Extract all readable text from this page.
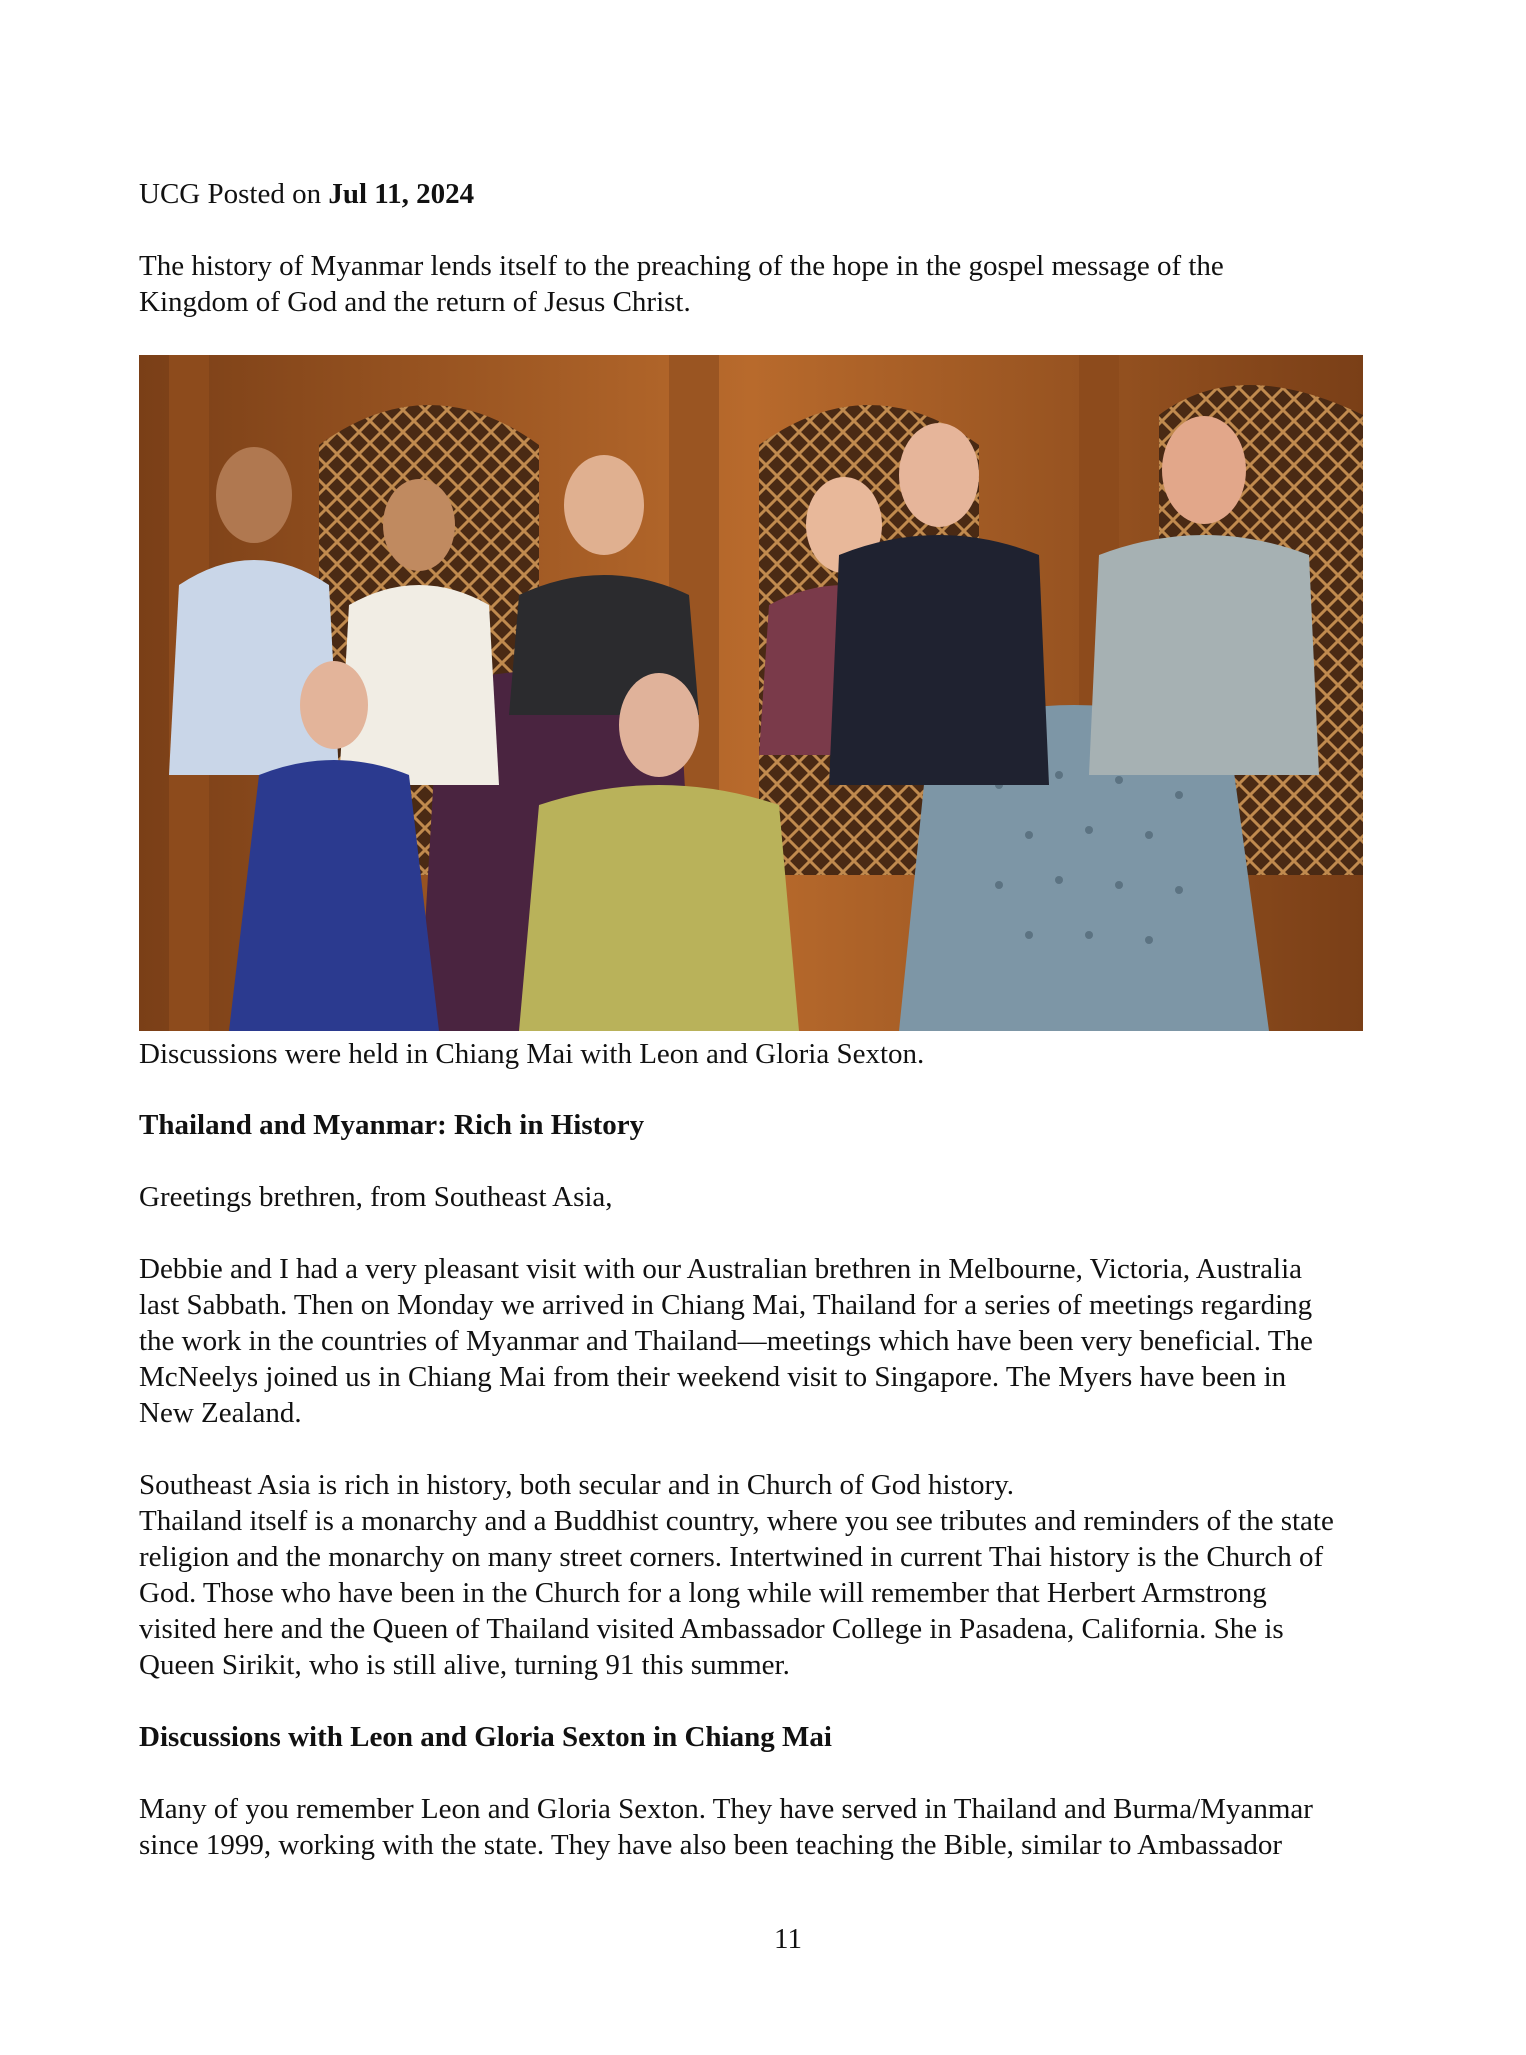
UCG Posted on Jul 11, 2024

The history of Myanmar lends itself to the preaching of the hope in the gospel message of the
Kingdom of God and the return of Jesus Christ.

Discussions were held in Chiang Mai with Leon and Gloria Sexton.

Thailand and Myanmar: Rich in History

Greetings brethren, from Southeast Asia,

Debbie and I had a very pleasant visit with our Australian brethren in Melbourne, Victoria, Australia
last Sabbath. Then on Monday we arrived in Chiang Mai, Thailand for a series of meetings regarding
the work in the countries of Myanmar and Thailand—meetings which have been very beneficial. The
McNeelys joined us in Chiang Mai from their weekend visit to Singapore. The Myers have been in
New Zealand.
Southeast Asia is rich in history, both secular and in Church of God history.
Thailand itself is a monarchy and a Buddhist country, where you see tributes and reminders of the state
religion and the monarchy on many street corners. Intertwined in current Thai history is the Church of
God. Those who have been in the Church for a long while will remember that Herbert Armstrong
visited here and the Queen of Thailand visited Ambassador College in Pasadena, California. She is
Queen Sirikit, who is still alive, turning 91 this summer.

Discussions with Leon and Gloria Sexton in Chiang Mai

Many of you remember Leon and Gloria Sexton. They have served in Thailand and Burma/Myanmar
since 1999, working with the state. They have also been teaching the Bible, similar to Ambassador
11
